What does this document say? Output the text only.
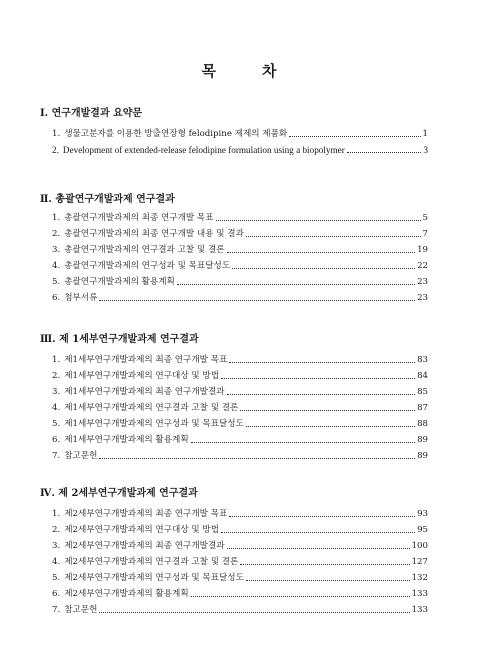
목	차
Ⅰ. 연구개발결과 요약문
1. 생물고분자를 이용한 방출연장형 felodipine 제제의 제품화	1
2. Development of extended-release felodipine formulation using a biopolymer	3
Ⅱ. 총괄연구개발과제 연구결과
1. 총괄연구개발과제의 최종 연구개발 목표	5
2. 총괄연구개발과제의 최종 연구개발 내용 및 결과	7
3. 총괄연구개발과제의 연구결과 고찰 및 결론	19
4. 총괄연구개발과제의 연구성과 및 목표달성도	22
5. 총괄연구개발과제의 활용계획	23
6. 첨부서류	23
Ⅲ. 제 1세부연구개발과제 연구결과
1. 제1세부연구개발과제의 최종 연구개발 목표	83
2. 제1세부연구개발과제의 연구대상 및 방법	84
3. 제1세부연구개발과제의 최종 연구개발결과	85
4. 제1세부연구개발과제의 연구결과 고찰 및 결론	87
5. 제1세부연구개발과제의 연구성과 및 목표달성도	88
6. 제1세부연구개발과제의 활용계획	89
7. 참고문헌	89
Ⅳ. 제 2세부연구개발과제 연구결과
1. 제2세부연구개발과제의 최종 연구개발 목표	93
2. 제2세부연구개발과제의 연구대상 및 방법	95
3. 제2세부연구개발과제의 최종 연구개발결과	100
4. 제2세부연구개발과제의 연구결과 고찰 및 결론	127
5. 제2세부연구개발과제의 연구성과 및 목표달성도	132
6. 제2세부연구개발과제의 활용계획	133
7. 참고문헌	133
